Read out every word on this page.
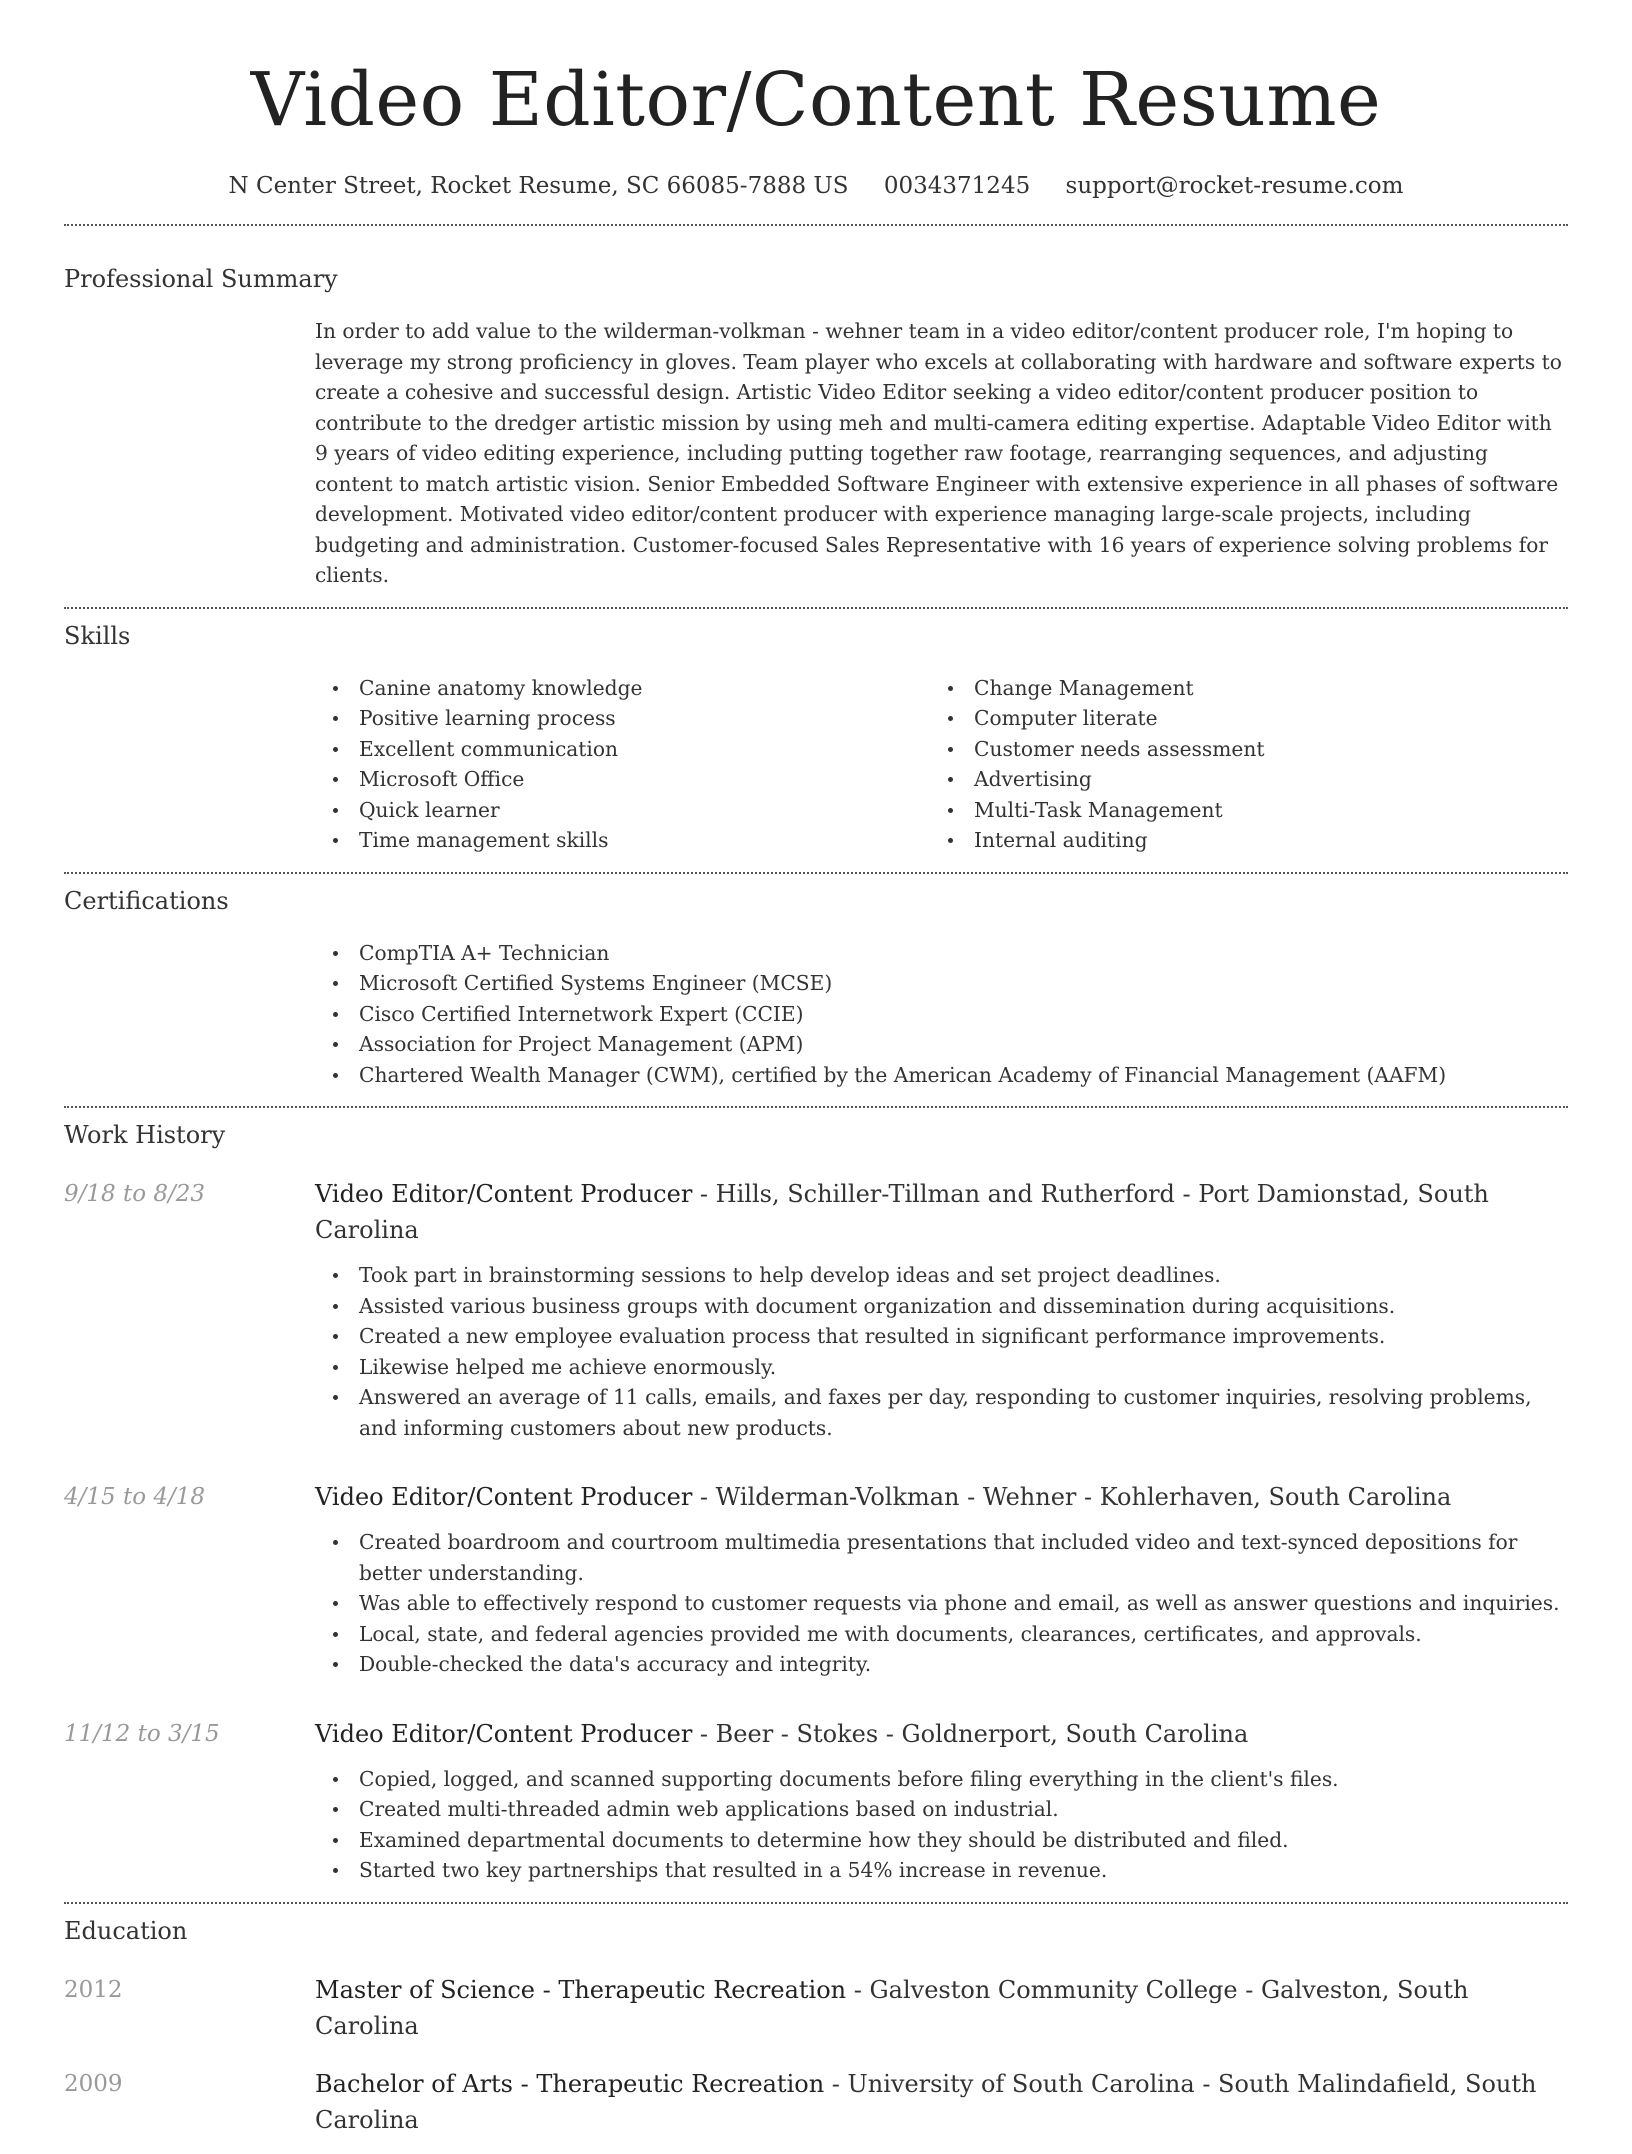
Video Editor/Content Resume
N Center Street, Rocket Resume, SC 66085-7888 US 0034371245 support@rocket-resume.com
Professional Summary
In order to add value to the wilderman-volkman - wehner team in a video editor/content producer role, I'm hoping to leverage my strong proficiency in gloves. Team player who excels at collaborating with hardware and software experts to create a cohesive and successful design. Artistic Video Editor seeking a video editor/content producer position to contribute to the dredger artistic mission by using meh and multi-camera editing expertise. Adaptable Video Editor with 9 years of video editing experience, including putting together raw footage, rearranging sequences, and adjusting content to match artistic vision. Senior Embedded Software Engineer with extensive experience in all phases of software development. Motivated video editor/content producer with experience managing large-scale projects, including budgeting and administration. Customer-focused Sales Representative with 16 years of experience solving problems for clients.
Skills
Canine anatomy knowledge
Positive learning process
Excellent communication
Microsoft Office
Quick learner
Time management skills
Change Management
Computer literate
Customer needs assessment
Advertising
Multi-Task Management
Internal auditing
Certifications
CompTIA A+ Technician
Microsoft Certified Systems Engineer (MCSE)
Cisco Certified Internetwork Expert (CCIE)
Association for Project Management (APM)
Chartered Wealth Manager (CWM), certified by the American Academy of Financial Management (AAFM)
Work History
9/18 to 8/23	Video Editor/Content Producer - Hills, Schiller-Tillman and Rutherford - Port Damionstad, South Carolina
Took part in brainstorming sessions to help develop ideas and set project deadlines.
Assisted various business groups with document organization and dissemination during acquisitions.
Created a new employee evaluation process that resulted in significant performance improvements.
Likewise helped me achieve enormously.
Answered an average of 11 calls, emails, and faxes per day, responding to customer inquiries, resolving problems, and informing customers about new products.
4/15 to 4/18	Video Editor/Content Producer - Wilderman-Volkman - Wehner - Kohlerhaven, South Carolina
Created boardroom and courtroom multimedia presentations that included video and text-synced depositions for better understanding.
Was able to effectively respond to customer requests via phone and email, as well as answer questions and inquiries.
Local, state, and federal agencies provided me with documents, clearances, certificates, and approvals.
Double-checked the data's accuracy and integrity.
11/12 to 3/15	Video Editor/Content Producer - Beer - Stokes - Goldnerport, South Carolina
Copied, logged, and scanned supporting documents before filing everything in the client's files.
Created multi-threaded admin web applications based on industrial.
Examined departmental documents to determine how they should be distributed and filed.
Started two key partnerships that resulted in a 54% increase in revenue.
Education
2012	Master of Science - Therapeutic Recreation - Galveston Community College - Galveston, South Carolina
2009	Bachelor of Arts - Therapeutic Recreation - University of South Carolina - South Malindafield, South Carolina
